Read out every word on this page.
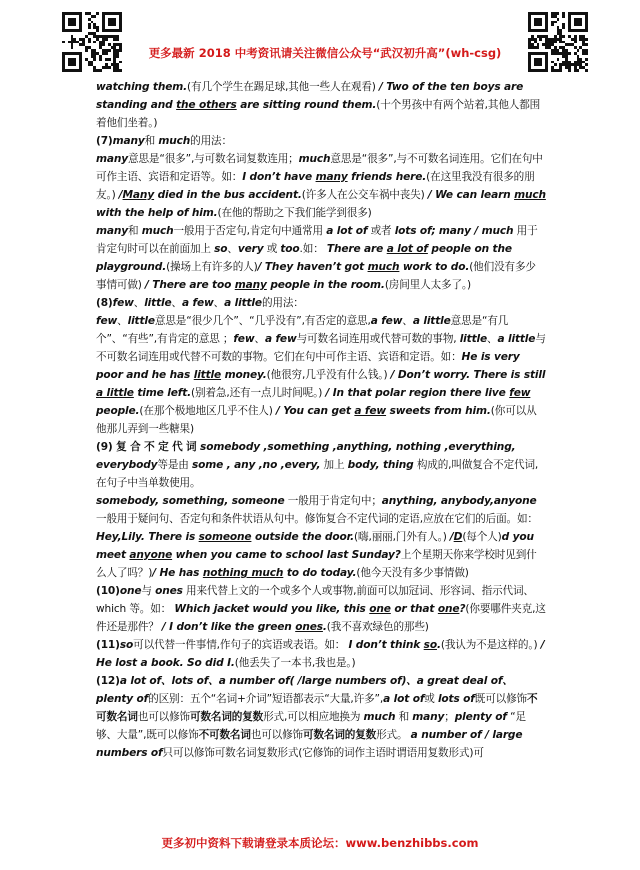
更多最新 2018 中考资讯请关注微信公众号“武汉初升高”(wh-csg)

watching them.(有几个学生在踢足球,其他一些人在观看) / Two of the ten boys are standing and the others are sitting round them.(十个男孩中有两个站着,其他人都围着他们坐着。)

(7)many和 much的用法：

many意思是“很多”,与可数名词复数连用；much意思是“很多”,与不可数名词连用。它们在句中可作主语、宾语和定语等。如：I don’t have many friends here.(在这里我没有很多的朋友。) /Many died in the bus accident.(许多人在公交车祸中丧失) / We can learn much with the help of him.(在他的帮助之下我们能学到很多)

many和 much一般用于否定句,肯定句中通常用 a lot of 或者 lots of; many / much 用于肯定句时可以在前面加上 so、very 或 too.如： There are a lot of people on the playground.(操场上有许多的人)/ They haven’t got much work to do.(他们没有多少事情可做) / There are too many people in the room.(房间里人太多了。)

(8)few、little、a few、a little的用法：

few、little意思是“很少几个”、“几乎没有”,有否定的意思,a few、a little意思是“有几个”、“有些”,有肯定的意思 ；few、a few与可数名词连用或代替可数的事物, little、a little与不可数名词连用或代替不可数的事物。它们在句中可作主语、宾语和定语。如：He is very poor and he has little money.(他很穷,几乎没有什么钱。) / Don’t worry. There is still a little time left.(别着急,还有一点儿时间呢。) / In that polar region there live few people.(在那个极地地区几乎不住人) / You can get a few sweets from him.(你可以从他那儿弄到一些糖果)

(9) 复 合 不 定 代 词 somebody ,something ,anything, nothing ,everything, everybody等是由 some , any ,no ,every, 加上 body, thing 构成的,叫做复合不定代词,在句子中当单数使用。

somebody, something, someone 一般用于肯定句中；anything, anybody,anyone 一般用于疑问句、否定句和条件状语从句中。修饰复合不定代词的定语,应放在它们的后面。如：Hey,Lily. There is someone outside the door.(嗨,丽丽,门外有人。) /D(每个人)d you meet anyone when you came to school last Sunday?上个星期天你来学校时见到什么人了吗？)/ He has nothing much to do today.(他今天没有多少事情做)

(10)one与 ones 用来代替上文的一个或多个人或事物,前面可以加冠词、形容词、指示代词、which 等。如： Which jacket would you like, this one or that one?(你要哪件夹克,这件还是那件？ / I don’t like the green ones.(我不喜欢绿色的那些)

(11)so可以代替一件事情,作句子的宾语或表语。如： I don’t think so.(我认为不是这样的。) / He lost a book. So did I.(他丢失了一本书,我也是。)

(12)a lot of、lots of、a number of( /large numbers of)、a great deal of、plenty of的区别：五个“名词+介词”短语都表示“大量,许多”,a lot of或 lots of既可以修饰不可数名词也可以修饰可数名词的复数形式,可以相应地换为 much 和 many；plenty of “足够、大量”,既可以修饰不可数名词也可以修饰可数名词的复数形式。 a number of / large numbers of只可以修饰可数名词复数形式(它修饰的词作主语时谓语用复数形式)可

更多初中资料下载请登录本质论坛：www.benzhibbs.com
